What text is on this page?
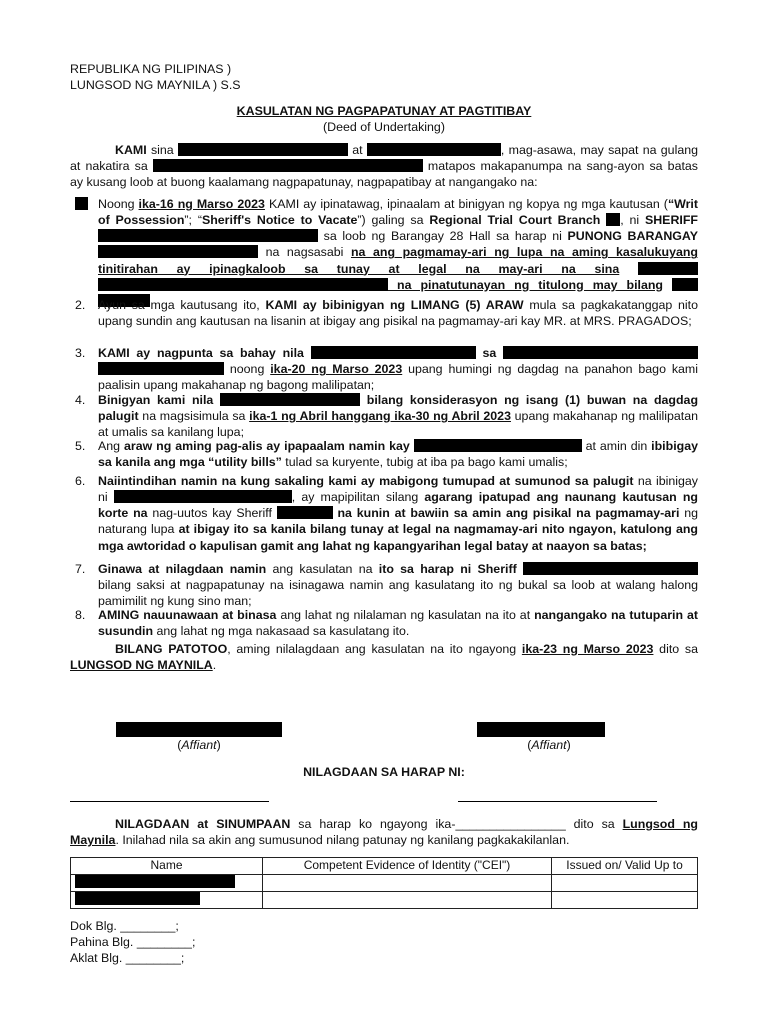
REPUBLIKA NG PILIPINAS )
LUNGSOD NG MAYNILA ) S.S
KASULATAN NG PAGPAPATUNAY AT PAGTITIBAY
(Deed of Undertaking)

KAMI sina	at	, mag-asawa, may sapat na gulang at nakatira sa	matapos makapanumpa na sang-ayon sa batas ay kusang loob at buong kaalamang nagpapatunay, nagpapatibay at nangangako na:

Noong ika-16 ng Marso 2023 KAMI ay ipinatawag, ipinaalam at binigyan ng kopya ng mga kautusan (“Writ of Possession”; “Sheriff's Notice to Vacate”) galing sa Regional Trial Court Branch , ni SHERIFF  sa loob ng Barangay 28 Hall sa harap ni PUNONG BARANGAY  na nagsasabi na ang pagmamay-ari ng lupa na aming kasalukuyang tinitirahan ay ipinagkaloob sa tunay at legal na may-ari na sina   na pinatutunayan ng titulong may bilang

2. Ayun sa mga kautusang ito, KAMI ay bibinigyan ng LIMANG (5) ARAW mula sa pagkakatanggap nito upang sundin ang kautusan na lisanin at ibigay ang pisikal na pagmamay-ari kay MR. at MRS. PRAGADOS;

3. KAMI ay nagpunta sa bahay nila	sa   noong ika-20 ng Marso 2023 upang humingi ng dagdag na panahon bago kami paalisin upang makahanap ng bagong malilipatan;

4. Binigyan kami nila	bilang konsiderasyon ng isang (1) buwan na dagdag palugit na magsisimula sa ika-1 ng Abril hanggang ika-30 ng Abril 2023 upang makahanap ng malilipatan at umalis sa kanilang lupa;

5. Ang araw ng aming pag-alis ay ipapaalam namin kay	at amin din ibibigay sa kanila ang mga “utility bills” tulad sa kuryente, tubig at iba pa bago kami umalis;

6. Naiintindihan namin na kung sakaling kami ay mabigong tumupad at sumunod sa palugit na ibinigay ni	, ay mapipilitan silang agarang ipatupad ang naunang kautusan ng korte na nag-uutos kay Sheriff	na kunin at bawiin sa amin ang pisikal na pagmamay-ari ng naturang lupa at ibigay ito sa kanila bilang tunay at legal na nagmamay-ari nito ngayon, katulong ang mga awtoridad o kapulisan gamit ang lahat ng kapangyarihan legal batay at naayon sa batas;

7. Ginawa at nilagdaan namin ang kasulatan na ito sa harap ni Sheriff  bilang saksi at nagpapatunay na isinagawa namin ang kasulatang ito ng bukal sa loob at walang halong pamimilit ng kung sino man;

8. AMING nauunawaan at binasa ang lahat ng nilalaman ng kasulatan na ito at nangangako na tutuparin at susundin ang lahat ng mga nakasaad sa kasulatang ito.

BILANG PATOTOO, aming nilalagdaan ang kasulatan na ito ngayong ika-23 ng Marso 2023 dito sa LUNGSOD NG MAYNILA.

(Affiant)	(Affiant)
NILAGDAAN SA HARAP NI:

NILAGDAAN at SINUMPAAN sa harap ko ngayong ika-________________ dito sa Lungsod ng Maynila. Inilahad nila sa akin ang sumusunod nilang patunay ng kanilang pagkakakilanlan.

Name	Competent Evidence of Identity ("CEI")	Issued on/ Valid Up to

Dok Blg. ________;
Pahina Blg. ________;
Aklat Blg. ________;
